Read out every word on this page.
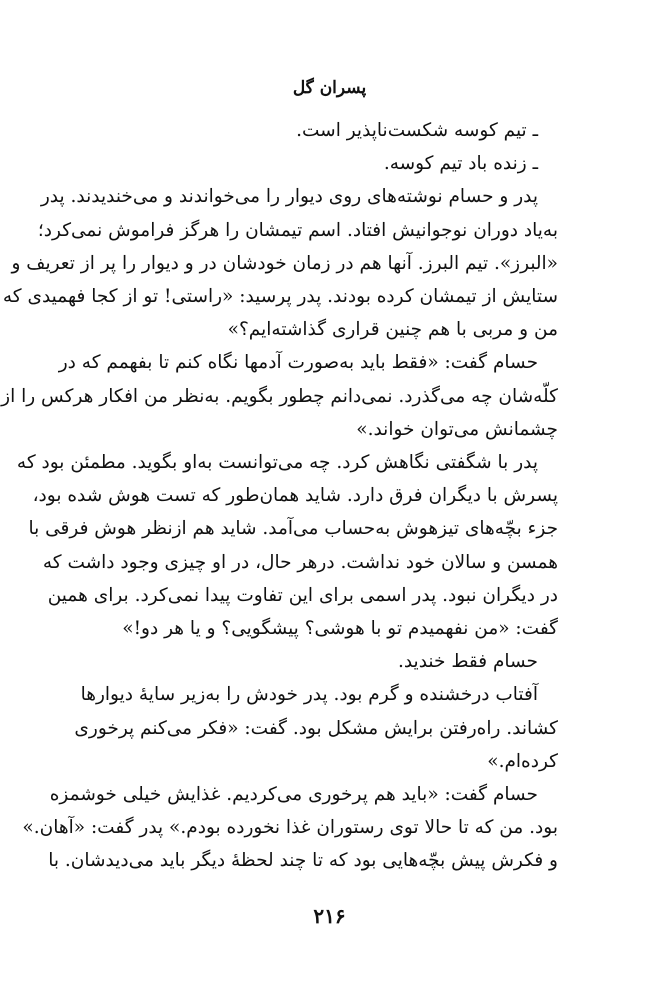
پسران گل
ـ تیم کوسه شکست‌ناپذیر است.
ـ زنده باد تیم کوسه.
پدر و حسام نوشته‌های روی دیوار را می‌خواندند و می‌خندیدند. پدر
به‌یاد دوران نوجوانیش افتاد. اسم تیمشان را هرگز فراموش نمی‌کرد؛
«البرز». تیم البرز. آنها هم در زمان خودشان در و دیوار را پر از تعریف و
ستایش از تیمشان کرده بودند. پدر پرسید: «راستی! تو از کجا فهمیدی که
من و مربی با هم چنین قراری گذاشته‌ایم؟»
حسام گفت: «فقط باید به‌صورت آدمها نگاه کنم تا بفهمم که در
کلّه‌شان چه می‌گذرد. نمی‌دانم چطور بگویم. به‌نظر من افکار هرکس را از
چشمانش می‌توان خواند.»
پدر با شگفتی نگاهش کرد. چه می‌توانست به‌او بگوید. مطمئن بود که
پسرش با دیگران فرق دارد. شاید همان‌طور که تست هوش شده بود،
جزء بچّه‌های تیزهوش به‌حساب می‌آمد. شاید هم ازنظر هوش فرقی با
همسن و سالان خود نداشت. درهر حال، در او چیزی وجود داشت که
در دیگران نبود. پدر اسمی برای این تفاوت پیدا نمی‌کرد. برای همین
گفت: «من نفهمیدم تو با هوشی؟ پیشگویی؟ و یا هر دو!»
حسام فقط خندید.
آفتاب درخشنده و گرم بود. پدر خودش را به‌زیر سایهٔ دیوارها
کشاند. راه‌رفتن برایش مشکل بود. گفت: «فکر می‌کنم پرخوری
کرده‌ام.»
حسام گفت: «باید هم پرخوری می‌کردیم. غذایش خیلی خوشمزه
بود. من که تا حالا توی رستوران غذا نخورده بودم.» پدر گفت: «آهان.»
و فکرش پیش بچّه‌هایی بود که تا چند لحظهٔ دیگر باید می‌دیدشان. با
۲۱۶
